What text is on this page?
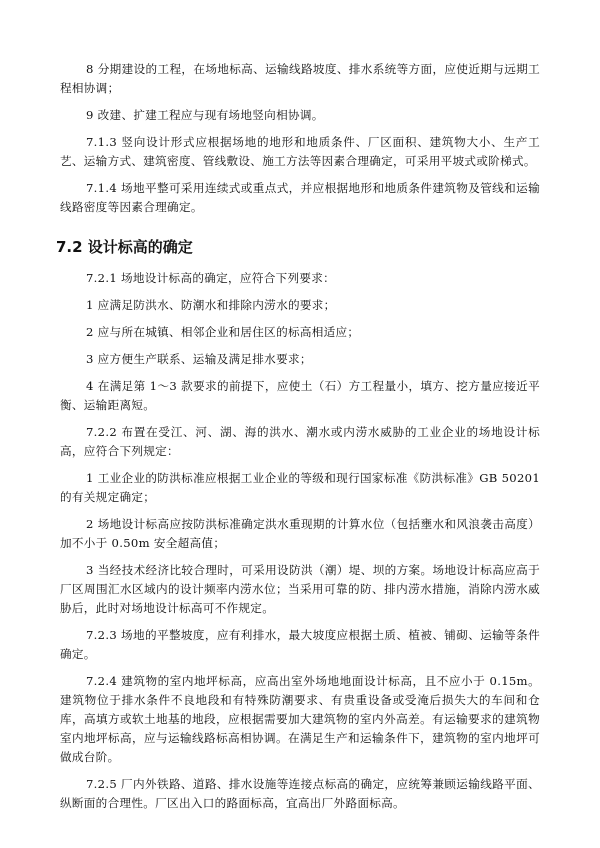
8 分期建设的工程，在场地标高、运输线路坡度、排水系统等方面，应使近期与远期工程相协调；

9 改建、扩建工程应与现有场地竖向相协调。

7.1.3 竖向设计形式应根据场地的地形和地质条件、厂区面积、建筑物大小、生产工艺、运输方式、建筑密度、管线敷设、施工方法等因素合理确定，可采用平坡式或阶梯式。

7.1.4 场地平整可采用连续式或重点式，并应根据地形和地质条件建筑物及管线和运输线路密度等因素合理确定。

7.2 设计标高的确定

7.2.1 场地设计标高的确定，应符合下列要求：

1 应满足防洪水、防潮水和排除内涝水的要求；

2 应与所在城镇、相邻企业和居住区的标高相适应；

3 应方便生产联系、运输及满足排水要求；

4 在满足第 1～3 款要求的前提下，应使土（石）方工程量小，填方、挖方量应接近平衡、运输距离短。

7.2.2 布置在受江、河、湖、海的洪水、潮水或内涝水威胁的工业企业的场地设计标高，应符合下列规定：

1 工业企业的防洪标准应根据工业企业的等级和现行国家标准《防洪标准》GB 50201 的有关规定确定；

2 场地设计标高应按防洪标准确定洪水重现期的计算水位（包括壅水和风浪袭击高度）加不小于 0.50m 安全超高值；

3 当经技术经济比较合理时，可采用设防洪（潮）堤、坝的方案。场地设计标高应高于厂区周围汇水区域内的设计频率内涝水位；当采用可靠的防、排内涝水措施，消除内涝水威胁后，此时对场地设计标高可不作规定。

7.2.3 场地的平整坡度，应有利排水，最大坡度应根据土质、植被、铺砌、运输等条件确定。

7.2.4 建筑物的室内地坪标高，应高出室外场地地面设计标高，且不应小于 0.15m。建筑物位于排水条件不良地段和有特殊防潮要求、有贵重设备或受淹后损失大的车间和仓库，高填方或软土地基的地段，应根据需要加大建筑物的室内外高差。有运输要求的建筑物室内地坪标高，应与运输线路标高相协调。在满足生产和运输条件下，建筑物的室内地坪可做成台阶。

7.2.5 厂内外铁路、道路、排水设施等连接点标高的确定，应统筹兼顾运输线路平面、纵断面的合理性。厂区出入口的路面标高，宜高出厂外路面标高。
